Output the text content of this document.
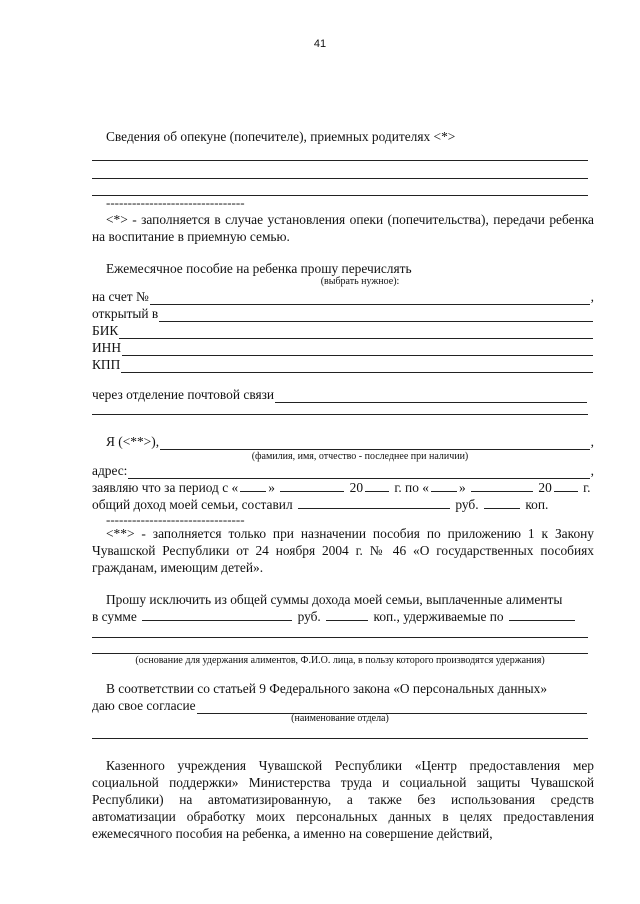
41
Сведения об опекуне (попечителе), приемных родителях <*>
--------------------------------
<*> - заполняется в случае установления опеки (попечительства), передачи ребенка на воспитание в приемную семью.
Ежемесячное пособие на ребенка прошу перечислять
(выбрать нужное):
на счет №	,
открытый в
БИК
ИНН
КПП
через отделение почтовой связи
Я (<**>),	,
(фамилия, имя, отчество - последнее при наличии)
адрес:	,
заявляю что за период с « »	20 г. по « »	20 г.
общий доход моей семьи, составил	руб.	коп.
--------------------------------
<**> - заполняется только при назначении пособия по приложению 1 к Закону Чувашской Республики от 24 ноября 2004 г. № 46 «О государственных пособиях гражданам, имеющим детей».
Прошу исключить из общей суммы дохода моей семьи, выплаченные алименты
в сумме	руб.	коп., удерживаемые по
(основание для удержания алиментов, Ф.И.О. лица, в пользу которого производятся удержания)
В соответствии со статьей 9 Федерального закона «О персональных данных»
даю свое согласие
(наименование отдела)
Казенного учреждения Чувашской Республики «Центр предоставления мер социальной поддержки» Министерства труда и социальной защиты Чувашской Республики) на автоматизированную, а также без использования средств автоматизации обработку моих персональных данных в целях предоставления ежемесячного пособия на ребенка, а именно на совершение действий,
